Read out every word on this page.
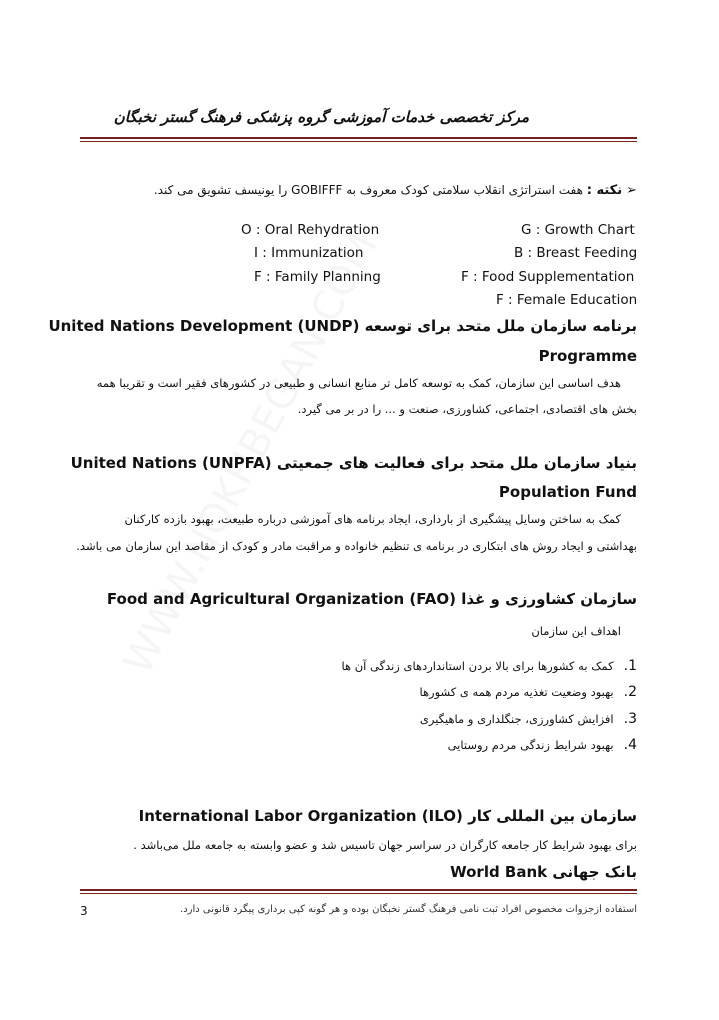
مرکز تخصصی خدمات آموزشی گروه پزشکی فرهنگ گستر نخبگان
➢نکته : هفت استراتژی انقلاب سلامتی کودک معروف به GOBIFFF را یونیسف تشویق می کند.
G : Growth Chart
O : Oral Rehydration
B : Breast Feeding
I : Immunization
F : Food Supplementation
F : Family Planning
F : Female Education
برنامه سازمان ملل متحد برای توسعه (UNDP) United Nations Development
Programme
هدف اساسی این سازمان، کمک به توسعه کامل تر منابع انسانی و طبیعی در کشورهای فقیر است و تقریبا همه
بخش های اقتصادی، اجتماعی، کشاورزی، صنعت و ... را در بر می گیرد.
بنیاد سازمان ملل متحد برای فعالیت های جمعیتی (UNPFA) United Nations
Population Fund
کمک به ساختن وسایل پیشگیری از بارداری، ایجاد برنامه های آموزشی درباره طبیعت، بهبود بازده کارکنان
بهداشتی و ایجاد روش های ابتکاری در برنامه ی تنظیم خانواده و مراقبت مادر و کودک از مقاصد این سازمان می باشد.
سازمان کشاورزی و غذا (FAO) Food and Agricultural Organization
اهداف این سازمان
1.کمک به کشورها برای بالا بردن استانداردهای زندگی آن ها
2.بهبود وضعیت تغذیه مردم همه ی کشورها
3.افزایش کشاورزی، جنگلداری و ماهیگیری
4.بهبود شرایط زندگی مردم روستایی
سازمان بین المللی کار (ILO) International Labor Organization
برای بهبود شرایط کار جامعه کارگران در سراسر جهان تاسیس شد و عضو وابسته به جامعه ملل می‌باشد .
بانک جهانی World Bank
استفاده ازجزوات مخصوص افراد ثبت نامی فرهنگ گستر نخبگان بوده و هر گونه کپی برداری پیگرد قانونی دارد.
3
